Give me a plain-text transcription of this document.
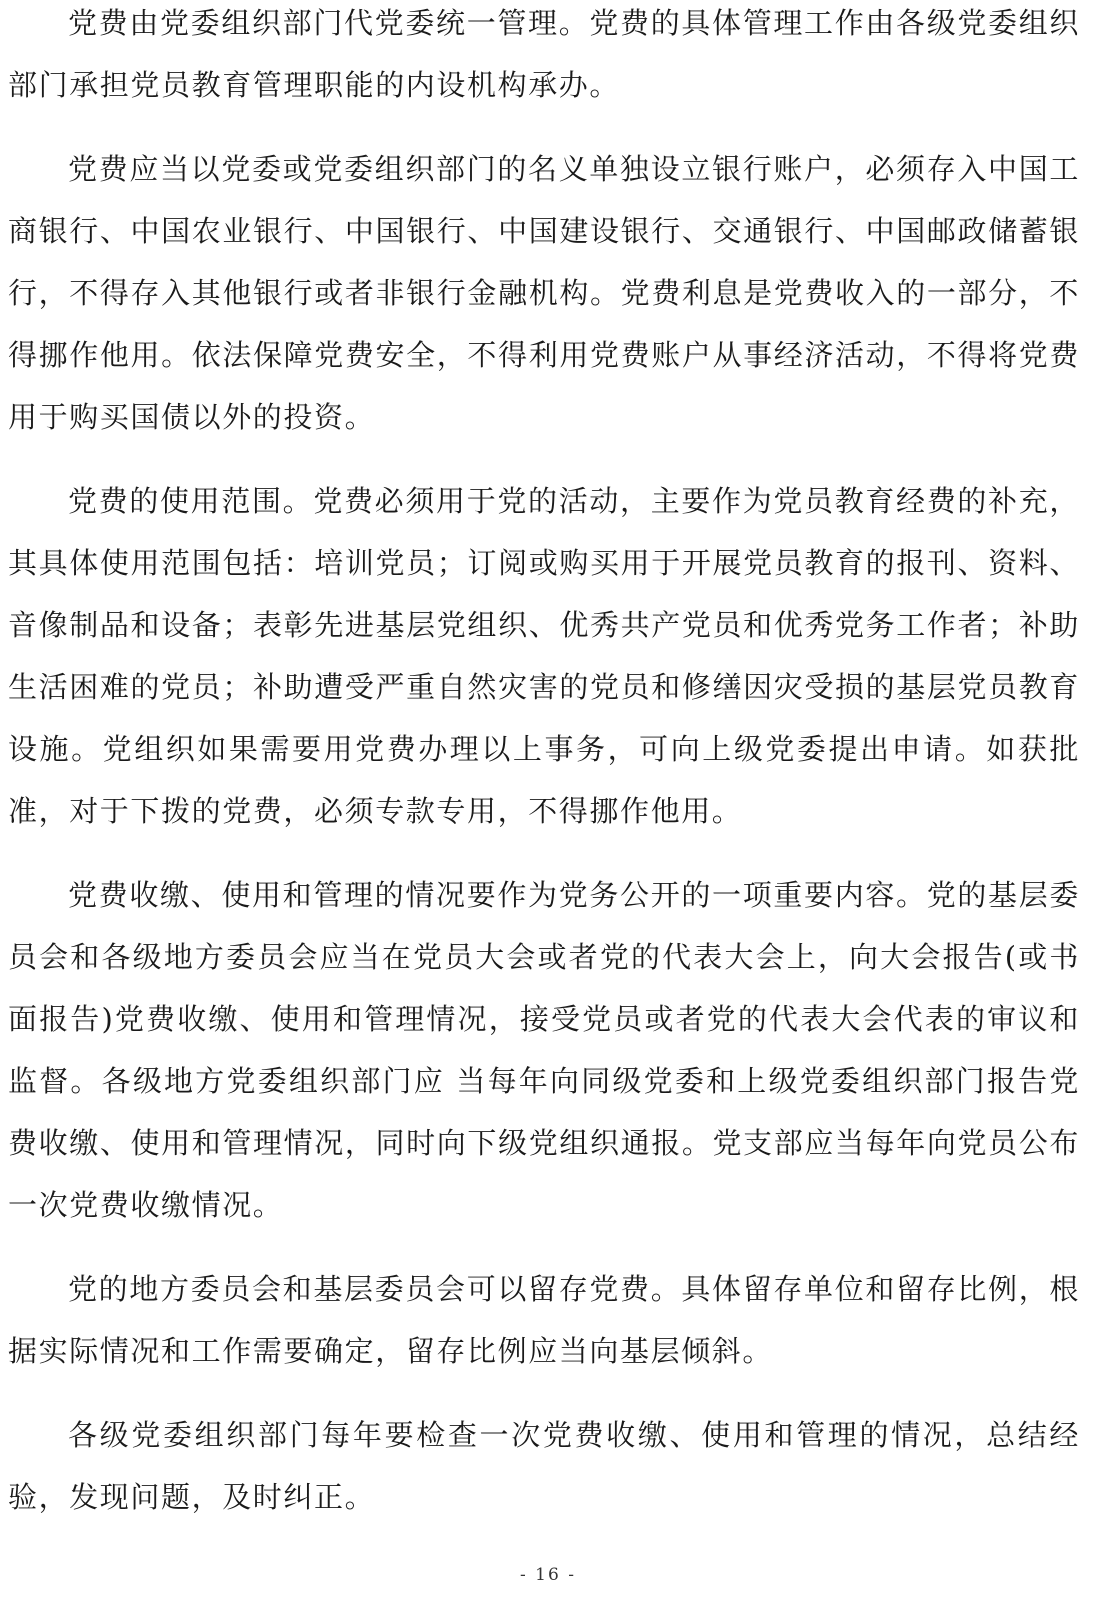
党费由党委组织部门代党委统一管理。党费的具体管理工作由各级党委组织部门承担党员教育管理职能的内设机构承办。

党费应当以党委或党委组织部门的名义单独设立银行账户，必须存入中国工商银行、中国农业银行、中国银行、中国建设银行、交通银行、中国邮政储蓄银行，不得存入其他银行或者非银行金融机构。党费利息是党费收入的一部分，不得挪作他用。依法保障党费安全，不得利用党费账户从事经济活动，不得将党费用于购买国债以外的投资。

党费的使用范围。党费必须用于党的活动，主要作为党员教育经费的补充，其具体使用范围包括：培训党员；订阅或购买用于开展党员教育的报刊、资料、音像制品和设备；表彰先进基层党组织、优秀共产党员和优秀党务工作者；补助生活困难的党员；补助遭受严重自然灾害的党员和修缮因灾受损的基层党员教育设施。党组织如果需要用党费办理以上事务，可向上级党委提出申请。如获批准，对于下拨的党费，必须专款专用，不得挪作他用。

党费收缴、使用和管理的情况要作为党务公开的一项重要内容。党的基层委员会和各级地方委员会应当在党员大会或者党的代表大会上，向大会报告(或书面报告)党费收缴、使用和管理情况，接受党员或者党的代表大会代表的审议和监督。各级地方党委组织部门应 当每年向同级党委和上级党委组织部门报告党费收缴、使用和管理情况，同时向下级党组织通报。党支部应当每年向党员公布一次党费收缴情况。

党的地方委员会和基层委员会可以留存党费。具体留存单位和留存比例，根据实际情况和工作需要确定，留存比例应当向基层倾斜。

各级党委组织部门每年要检查一次党费收缴、使用和管理的情况，总结经验，发现问题，及时纠正。

- 16 -
